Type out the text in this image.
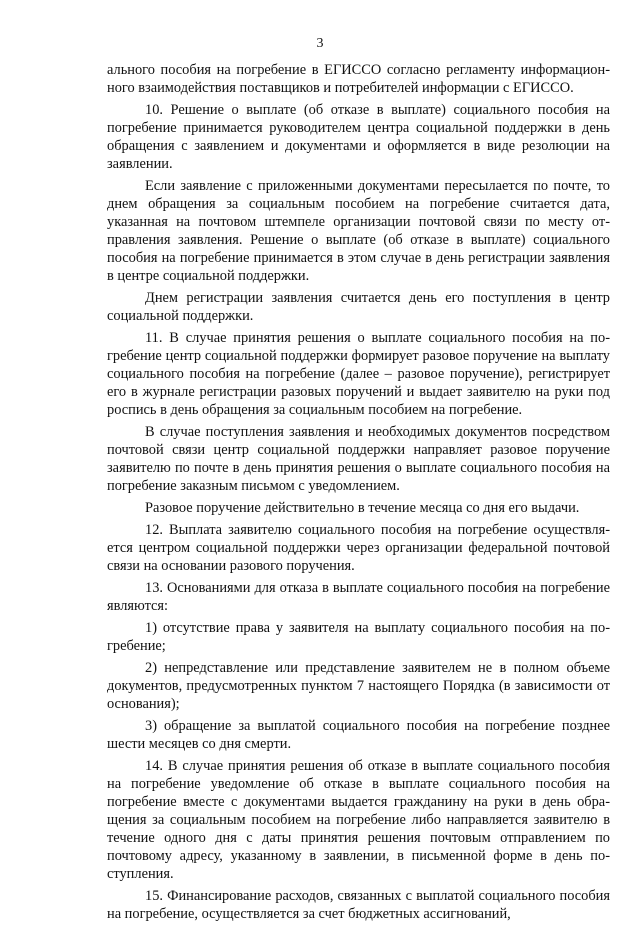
3

ального пособия на погребение в ЕГИССО согласно регламенту информационного взаимодействия поставщиков и потребителей информации с ЕГИССО.

10. Решение о выплате (об отказе в выплате) социального пособия на погребение принимается руководителем центра социальной поддержки в день обращения с заявлением и документами и оформляется в виде резолюции на заявлении.

Если заявление с приложенными документами пересылается по почте, то днем обращения за социальным пособием на погребение считается дата, указанная на почтовом штемпеле организации почтовой связи по месту отправления заявления. Решение о выплате (об отказе в выплате) социального пособия на погребение принимается в этом случае в день регистрации заявления в центре социальной поддержки.

Днем регистрации заявления считается день его поступления в центр социальной поддержки.

11. В случае принятия решения о выплате социального пособия на погребение центр социальной поддержки формирует разовое поручение на выплату социального пособия на погребение (далее – разовое поручение), регистрирует его в журнале регистрации разовых поручений и выдает заявителю на руки под роспись в день обращения за социальным пособием на погребение.

В случае поступления заявления и необходимых документов посредством почтовой связи центр социальной поддержки направляет разовое поручение заявителю по почте в день принятия решения о выплате социального пособия на погребение заказным письмом с уведомлением.

Разовое поручение действительно в течение месяца со дня его выдачи.

12. Выплата заявителю социального пособия на погребение осуществляется центром социальной поддержки через организации федеральной почтовой связи на основании разового поручения.

13. Основаниями для отказа в выплате социального пособия на погребение являются:

1) отсутствие права у заявителя на выплату социального пособия на погребение;

2) непредставление или представление заявителем не в полном объеме документов, предусмотренных пунктом 7 настоящего Порядка (в зависимости от основания);

3) обращение за выплатой социального пособия на погребение позднее шести месяцев со дня смерти.

14. В случае принятия решения об отказе в выплате социального пособия на погребение уведомление об отказе в выплате социального пособия на погребение вместе с документами выдается гражданину на руки в день обращения за социальным пособием на погребение либо направляется заявителю в течение одного дня с даты принятия решения почтовым отправлением по почтовому адресу, указанному в заявлении, в письменной форме в день поступления.

15. Финансирование расходов, связанных с выплатой социального пособия на погребение, осуществляется за счет бюджетных ассигнований,
